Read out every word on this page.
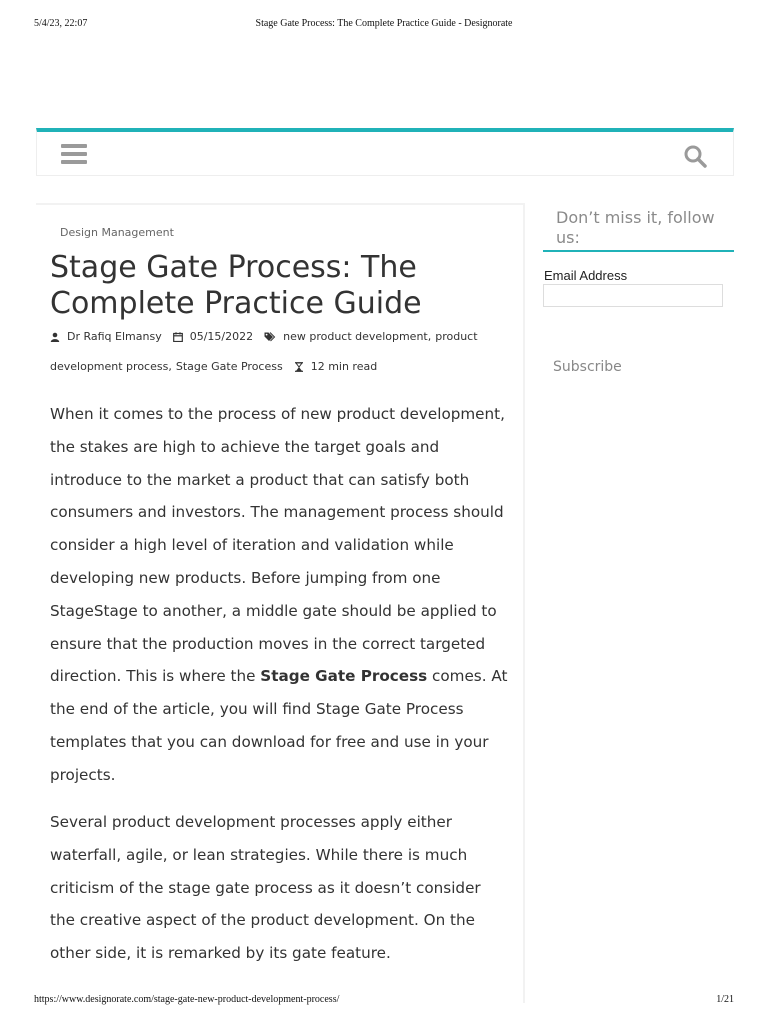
5/4/23, 22:07	Stage Gate Process: The Complete Practice Guide - Designorate
Design Management
Stage Gate Process: The Complete Practice Guide
Dr Rafiq Elmansy	05/15/2022	new product development , product
development process , Stage Gate Process	12 min read

When it comes to the process of new product development, the stakes are high to achieve the target goals and introduce to the market a product that can satisfy both consumers and investors. The management process should consider a high level of iteration and validation while developing new products. Before jumping from one StageStage to another, a middle gate should be applied to ensure that the production moves in the correct targeted direction. This is where the Stage Gate Process comes. At the end of the article, you will find Stage Gate Process templates that you can download for free and use in your projects.

Several product development processes apply either waterfall, agile, or lean strategies. While there is much criticism of the stage gate process as it doesn’t consider the creative aspect of the product development. On the other side, it is remarked by its gate feature.

Don’t miss it, follow us:
Email Address
Subscribe
https://www.designorate.com/stage-gate-new-product-development-process/	1/21
